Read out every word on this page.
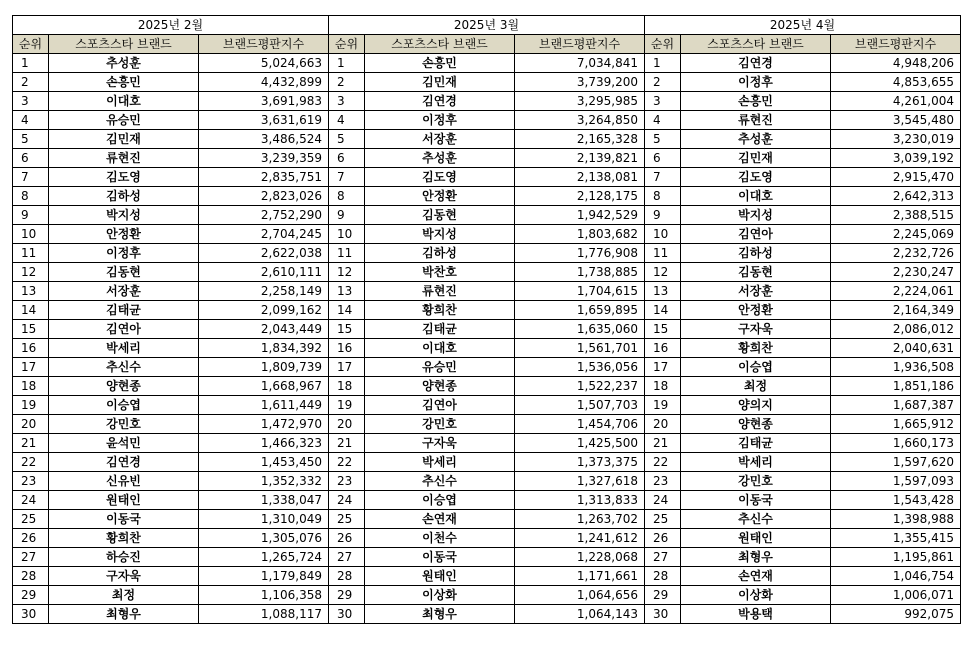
2025년 2월			2025년 3월			2025년 4월		
순위	스포츠스타 브랜드	브랜드평판지수	순위	스포츠스타 브랜드	브랜드평판지수	순위	스포츠스타 브랜드	브랜드평판지수
1	추성훈	5,024,663	1	손흥민	7,034,841	1	김연경	4,948,206
2	손흥민	4,432,899	2	김민재	3,739,200	2	이정후	4,853,655
3	이대호	3,691,983	3	김연경	3,295,985	3	손흥민	4,261,004
4	유승민	3,631,619	4	이정후	3,264,850	4	류현진	3,545,480
5	김민재	3,486,524	5	서장훈	2,165,328	5	추성훈	3,230,019
6	류현진	3,239,359	6	추성훈	2,139,821	6	김민재	3,039,192
7	김도영	2,835,751	7	김도영	2,138,081	7	김도영	2,915,470
8	김하성	2,823,026	8	안정환	2,128,175	8	이대호	2,642,313
9	박지성	2,752,290	9	김동현	1,942,529	9	박지성	2,388,515
10	안정환	2,704,245	10	박지성	1,803,682	10	김연아	2,245,069
11	이정후	2,622,038	11	김하성	1,776,908	11	김하성	2,232,726
12	김동현	2,610,111	12	박찬호	1,738,885	12	김동현	2,230,247
13	서장훈	2,258,149	13	류현진	1,704,615	13	서장훈	2,224,061
14	김태균	2,099,162	14	황희찬	1,659,895	14	안정환	2,164,349
15	김연아	2,043,449	15	김태균	1,635,060	15	구자욱	2,086,012
16	박세리	1,834,392	16	이대호	1,561,701	16	황희찬	2,040,631
17	추신수	1,809,739	17	유승민	1,536,056	17	이승엽	1,936,508
18	양현종	1,668,967	18	양현종	1,522,237	18	최정	1,851,186
19	이승엽	1,611,449	19	김연아	1,507,703	19	양의지	1,687,387
20	강민호	1,472,970	20	강민호	1,454,706	20	양현종	1,665,912
21	윤석민	1,466,323	21	구자욱	1,425,500	21	김태균	1,660,173
22	김연경	1,453,450	22	박세리	1,373,375	22	박세리	1,597,620
23	신유빈	1,352,332	23	추신수	1,327,618	23	강민호	1,597,093
24	원태인	1,338,047	24	이승엽	1,313,833	24	이동국	1,543,428
25	이동국	1,310,049	25	손연재	1,263,702	25	추신수	1,398,988
26	황희찬	1,305,076	26	이천수	1,241,612	26	원태인	1,355,415
27	하승진	1,265,724	27	이동국	1,228,068	27	최형우	1,195,861
28	구자욱	1,179,849	28	원태인	1,171,661	28	손연재	1,046,754
29	최정	1,106,358	29	이상화	1,064,656	29	이상화	1,006,071
30	최형우	1,088,117	30	최형우	1,064,143	30	박용택	992,075
